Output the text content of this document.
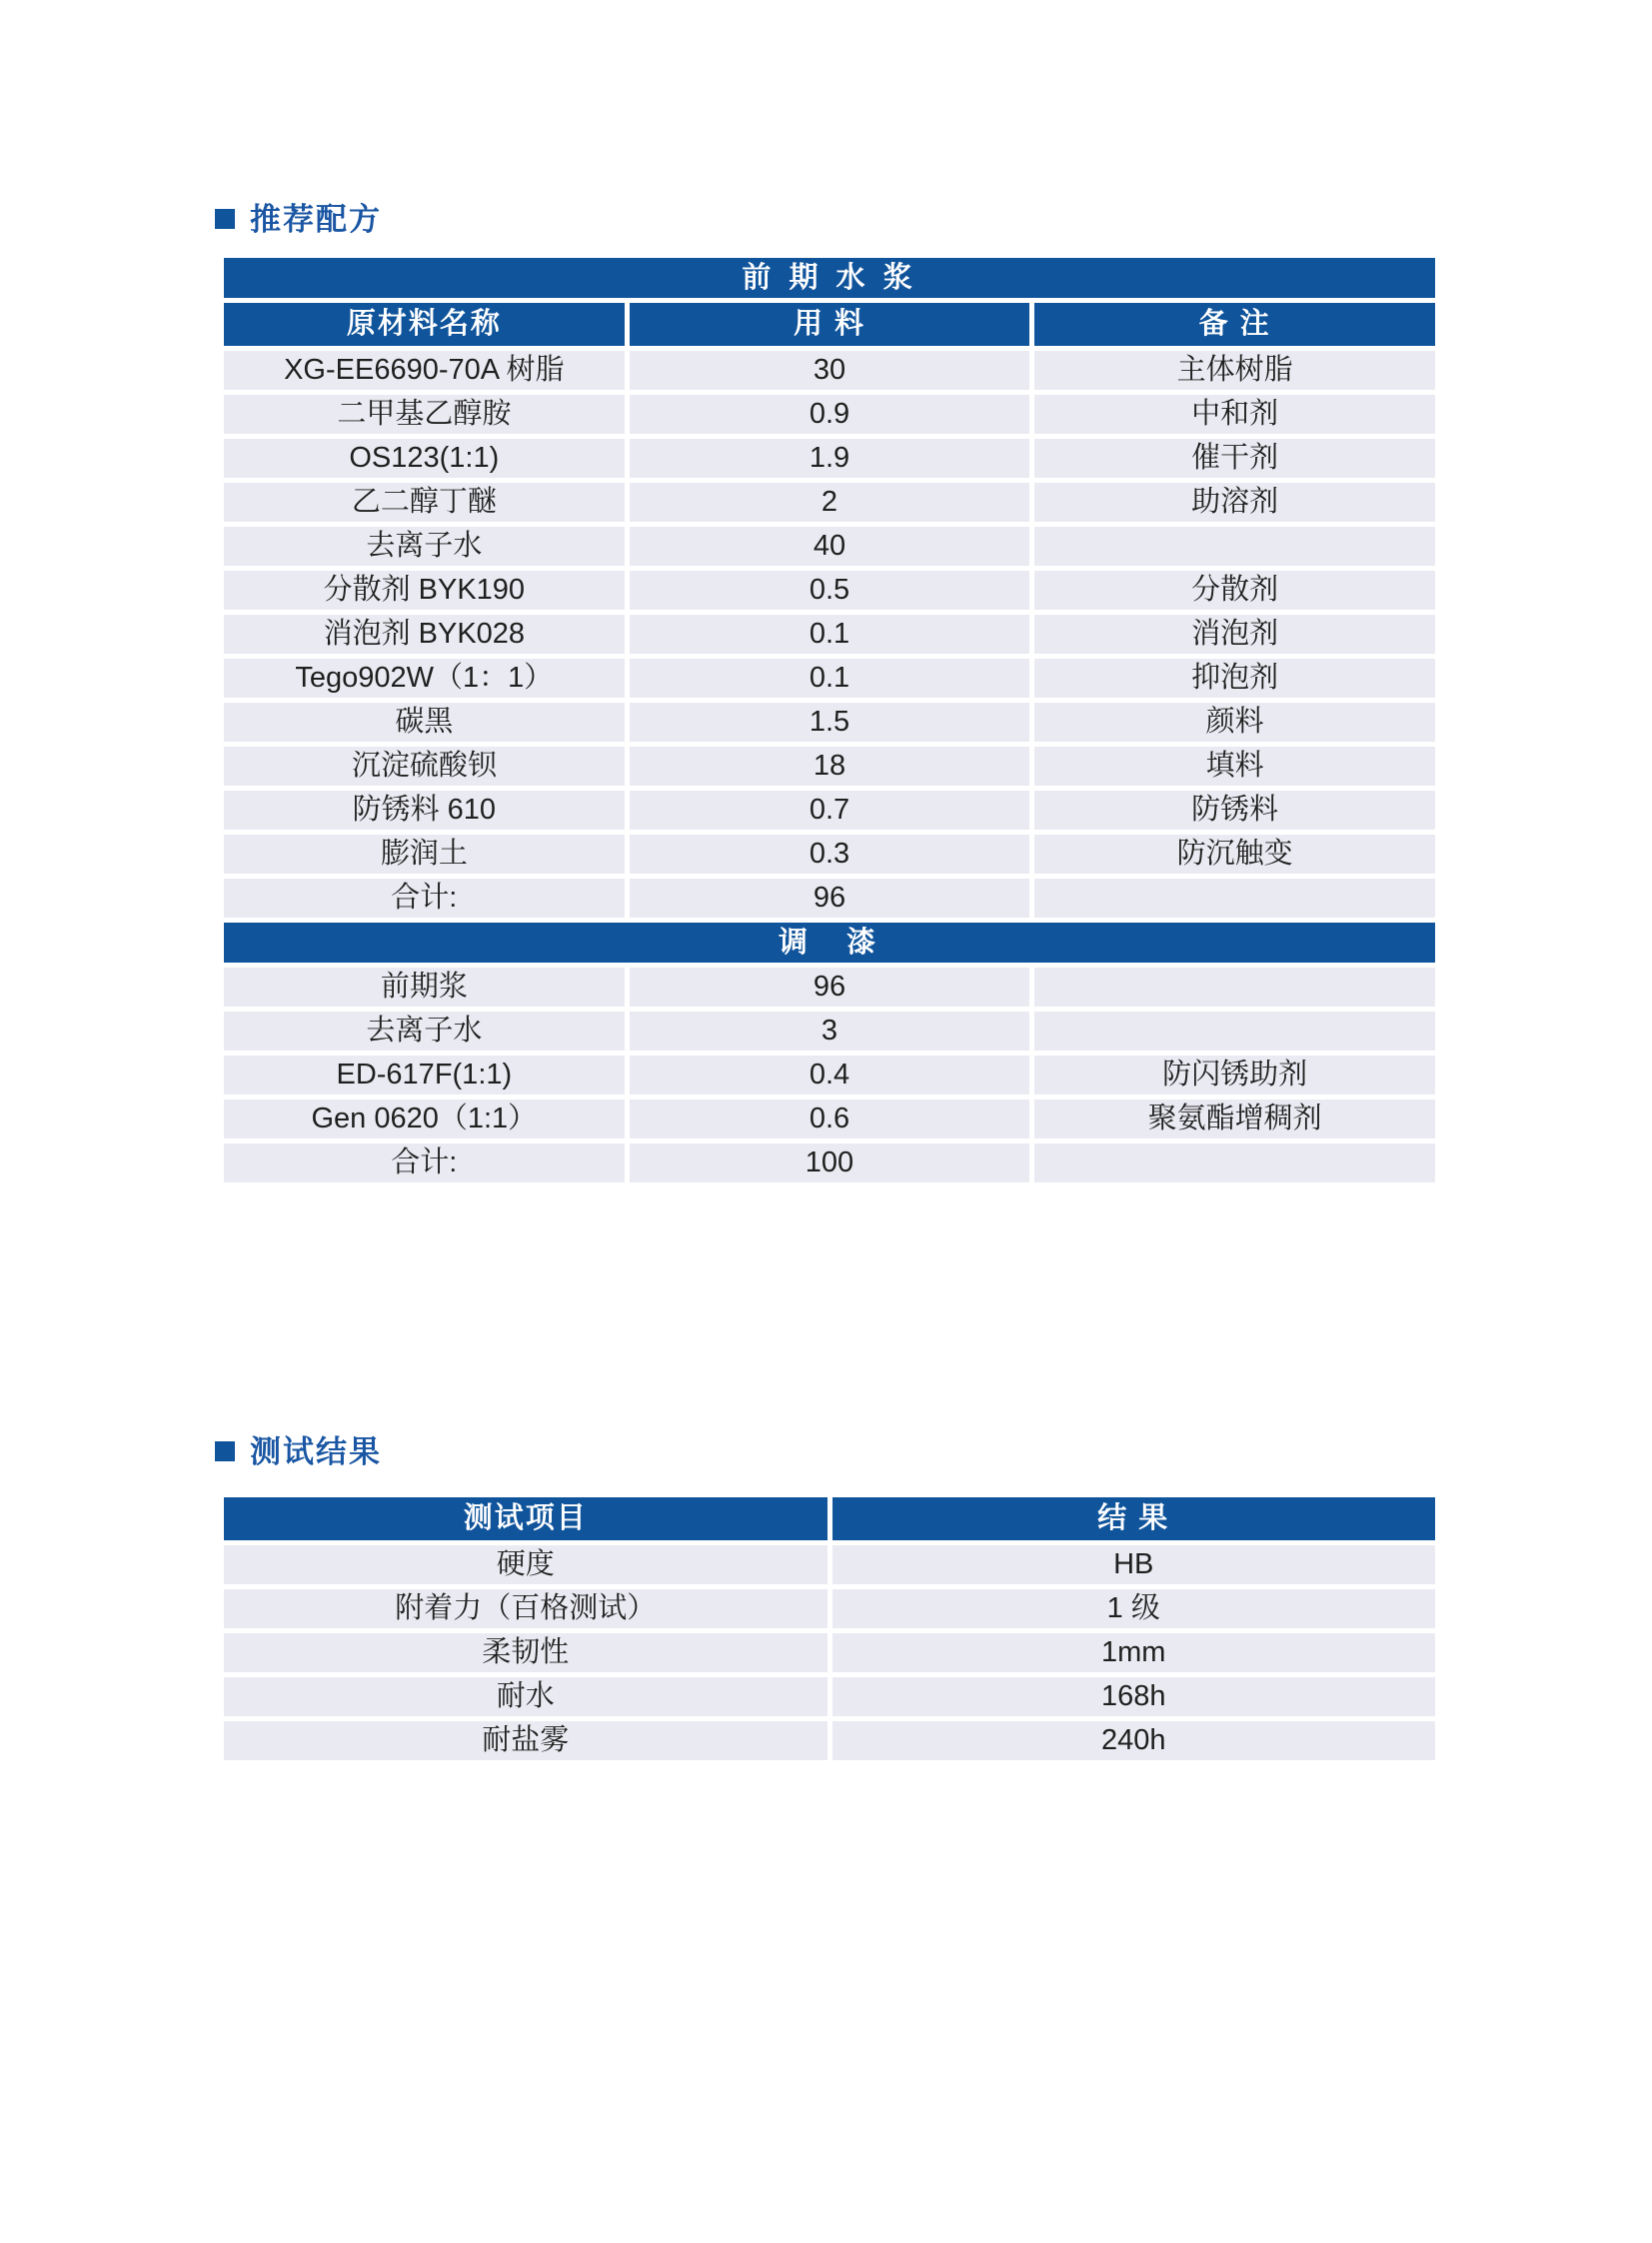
推荐配方
前 期 水 浆
原材料名称	用 料	备 注
XG-EE6690-70A 树脂	30	主体树脂
二甲基乙醇胺	0.9	中和剂
OS123(1:1)	1.9	催干剂
乙二醇丁醚	2	助溶剂
去离子水	40
分散剂 BYK190	0.5	分散剂
消泡剂 BYK028	0.1	消泡剂
Tego902W（1：1）	0.1	抑泡剂
碳黑	1.5	颜料
沉淀硫酸钡	18	填料
防锈料 610	0.7	防锈料
膨润土	0.3	防沉触变
合计:	96
调　漆
前期浆	96
去离子水	3
ED-617F(1:1)	0.4	防闪锈助剂
Gen 0620（1:1）	0.6	聚氨酯增稠剂
合计:	100
测试结果
测试项目	结 果
硬度	HB
附着力（百格测试）	1 级
柔韧性	1mm
耐水	168h
耐盐雾	240h
